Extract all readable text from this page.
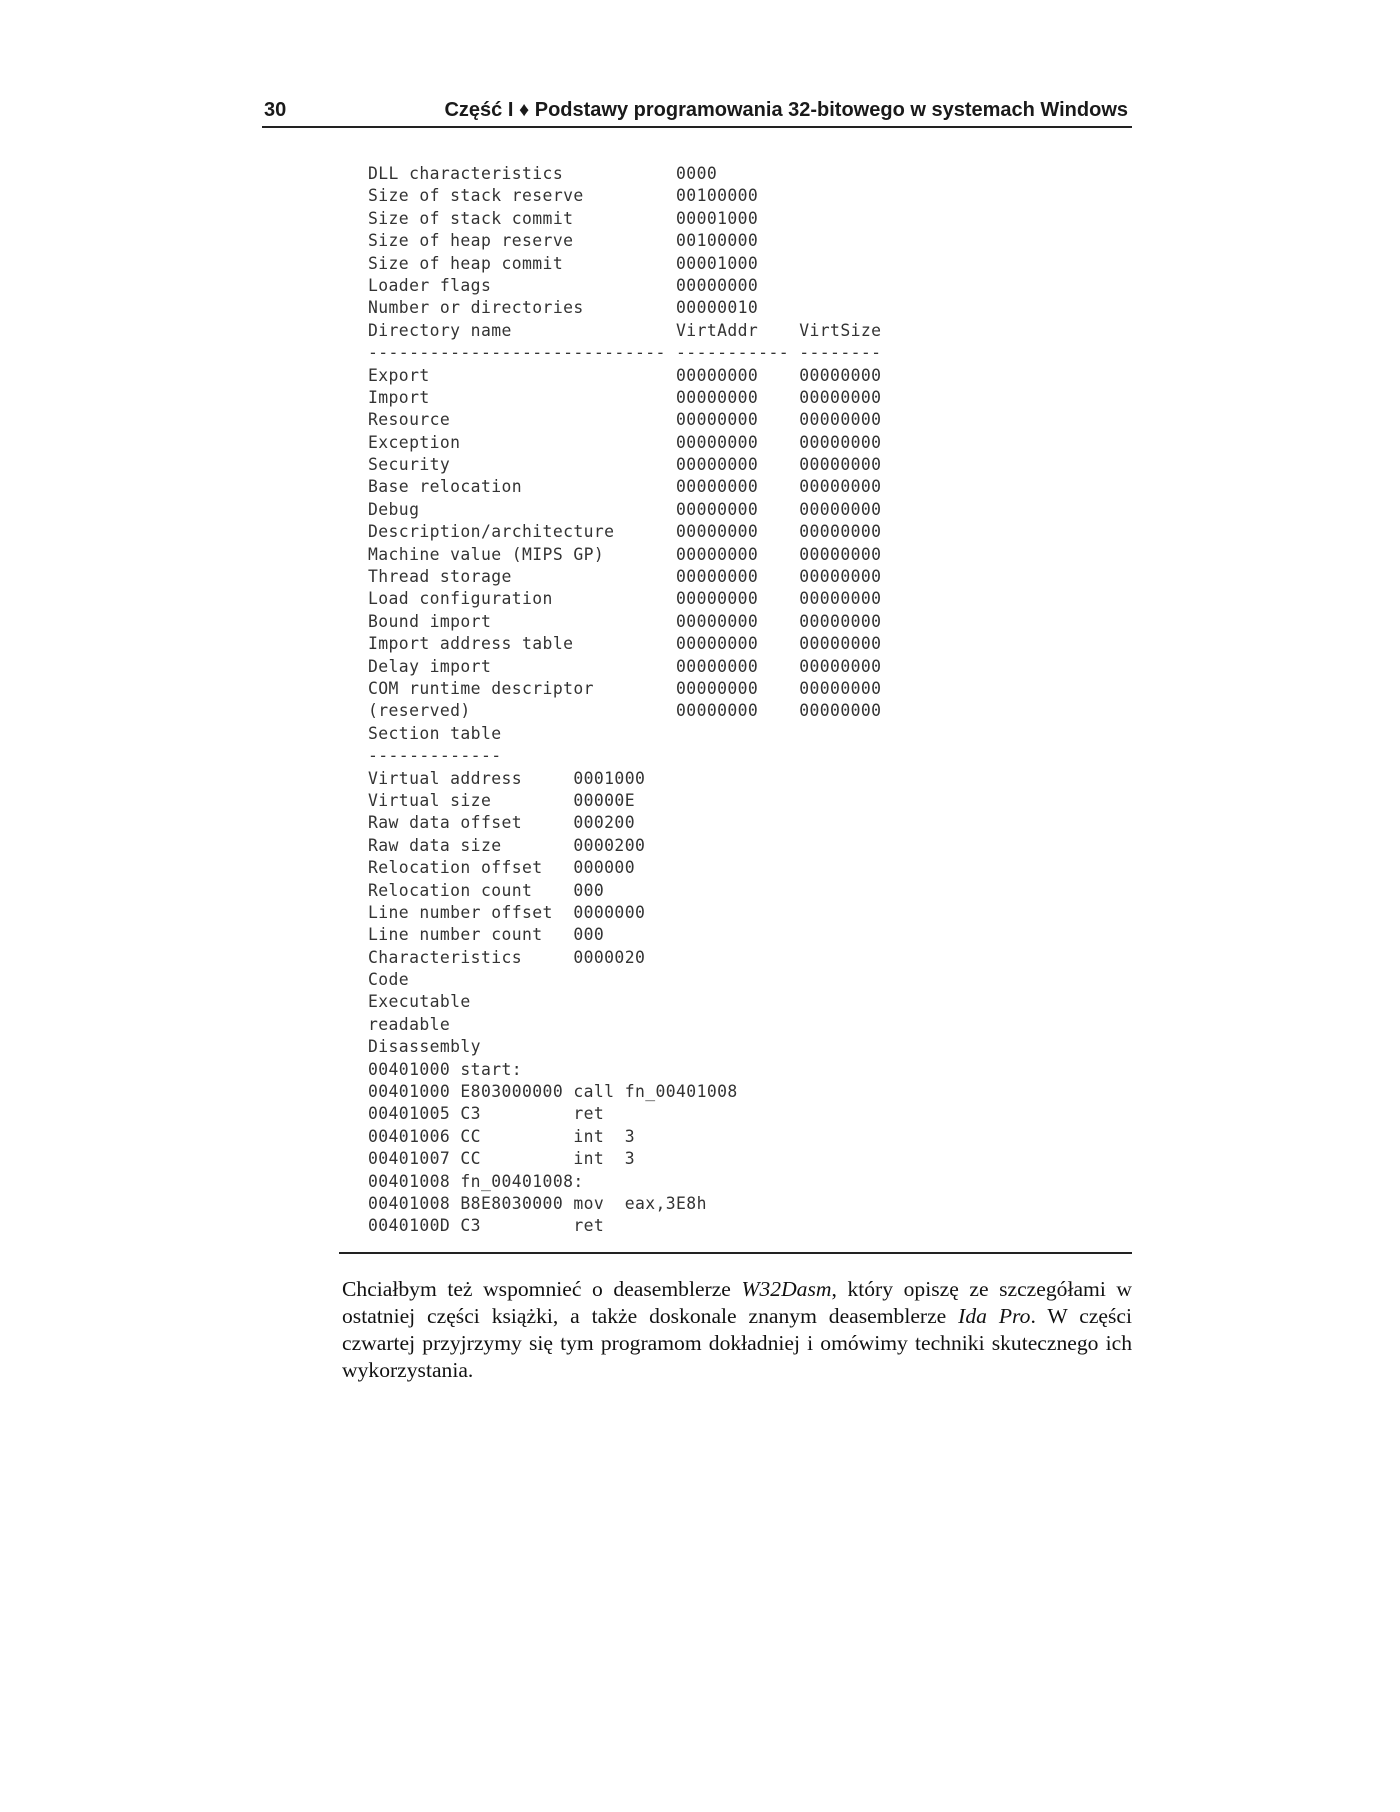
30	Część I ♦ Podstawy programowania 32-bitowego w systemach Windows
DLL characteristics           0000
Size of stack reserve         00100000
Size of stack commit          00001000
Size of heap reserve          00100000
Size of heap commit           00001000
Loader flags                  00000000
Number or directories         00000010
Directory name                VirtAddr    VirtSize
----------------------------- ----------- --------
Export                        00000000    00000000
Import                        00000000    00000000
Resource                      00000000    00000000
Exception                     00000000    00000000
Security                      00000000    00000000
Base relocation               00000000    00000000
Debug                         00000000    00000000
Description/architecture      00000000    00000000
Machine value (MIPS GP)       00000000    00000000
Thread storage                00000000    00000000
Load configuration            00000000    00000000
Bound import                  00000000    00000000
Import address table          00000000    00000000
Delay import                  00000000    00000000
COM runtime descriptor        00000000    00000000
(reserved)                    00000000    00000000
Section table
-------------
Virtual address     0001000
Virtual size        00000E
Raw data offset     000200
Raw data size       0000200
Relocation offset   000000
Relocation count    000
Line number offset  0000000
Line number count   000
Characteristics     0000020
Code
Executable
readable
Disassembly
00401000 start:
00401000 E803000000 call fn_00401008
00401005 C3         ret
00401006 CC         int  3
00401007 CC         int  3
00401008 fn_00401008:
00401008 B8E8030000 mov  eax,3E8h
0040100D C3         ret

Chciałbym też wspomnieć o deasemblerze W32Dasm, który opiszę ze szczegółami w ostatniej części książki, a także doskonale znanym deasemblerze Ida Pro. W części czwartej przyjrzymy się tym programom dokładniej i omówimy techniki skutecznego ich wykorzystania.
